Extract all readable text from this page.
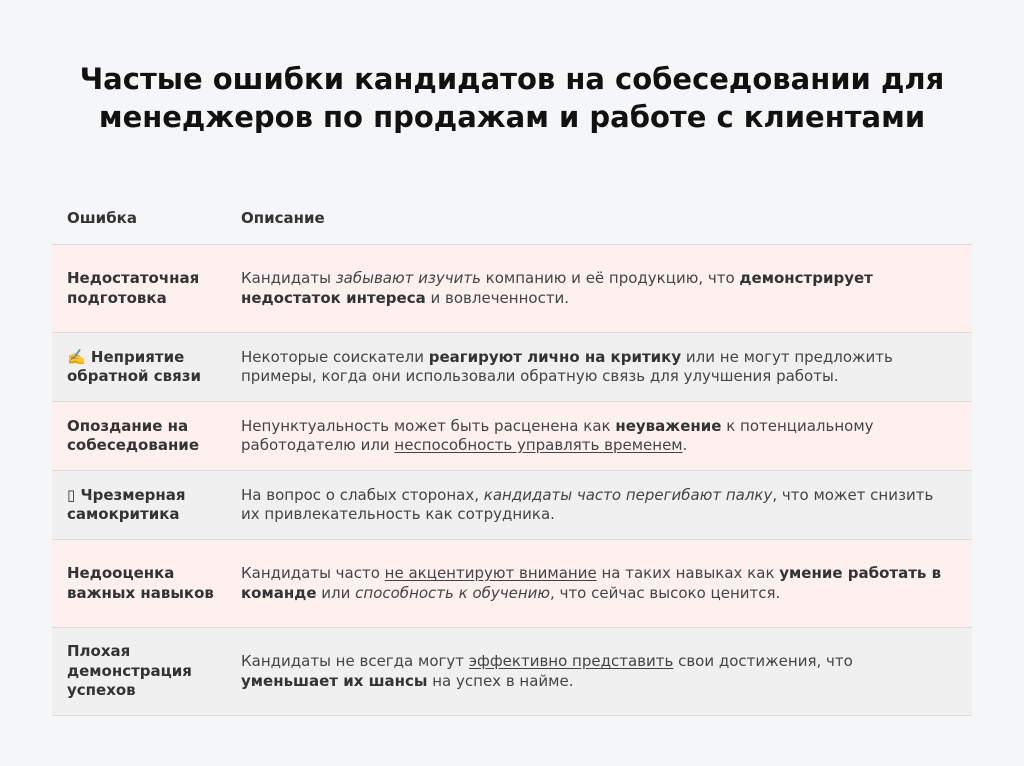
Частые ошибки кандидатов на собеседовании для менеджеров по продажам и работе с клиентами
Ошибка	Описание
Недостаточная подготовка	Кандидаты забывают изучить компанию и её продукцию, что демонстрирует недостаток интереса и вовлеченности.
✍️ Неприятие обратной связи	Некоторые соискатели реагируют лично на критику или не могут предложить примеры, когда они использовали обратную связь для улучшения работы.
Опоздание на собеседование	Непунктуальность может быть расценена как неуважение к потенциальному работодателю или неспособность управлять временем.
▯ Чрезмерная самокритика	На вопрос о слабых сторонах, кандидаты часто перегибают палку, что может снизить их привлекательность как сотрудника.
Недооценка важных навыков	Кандидаты часто не акцентируют внимание на таких навыках как умение работать в команде или способность к обучению, что сейчас высоко ценится.
Плохая демонстрация успехов	Кандидаты не всегда могут эффективно представить свои достижения, что уменьшает их шансы на успех в найме.
